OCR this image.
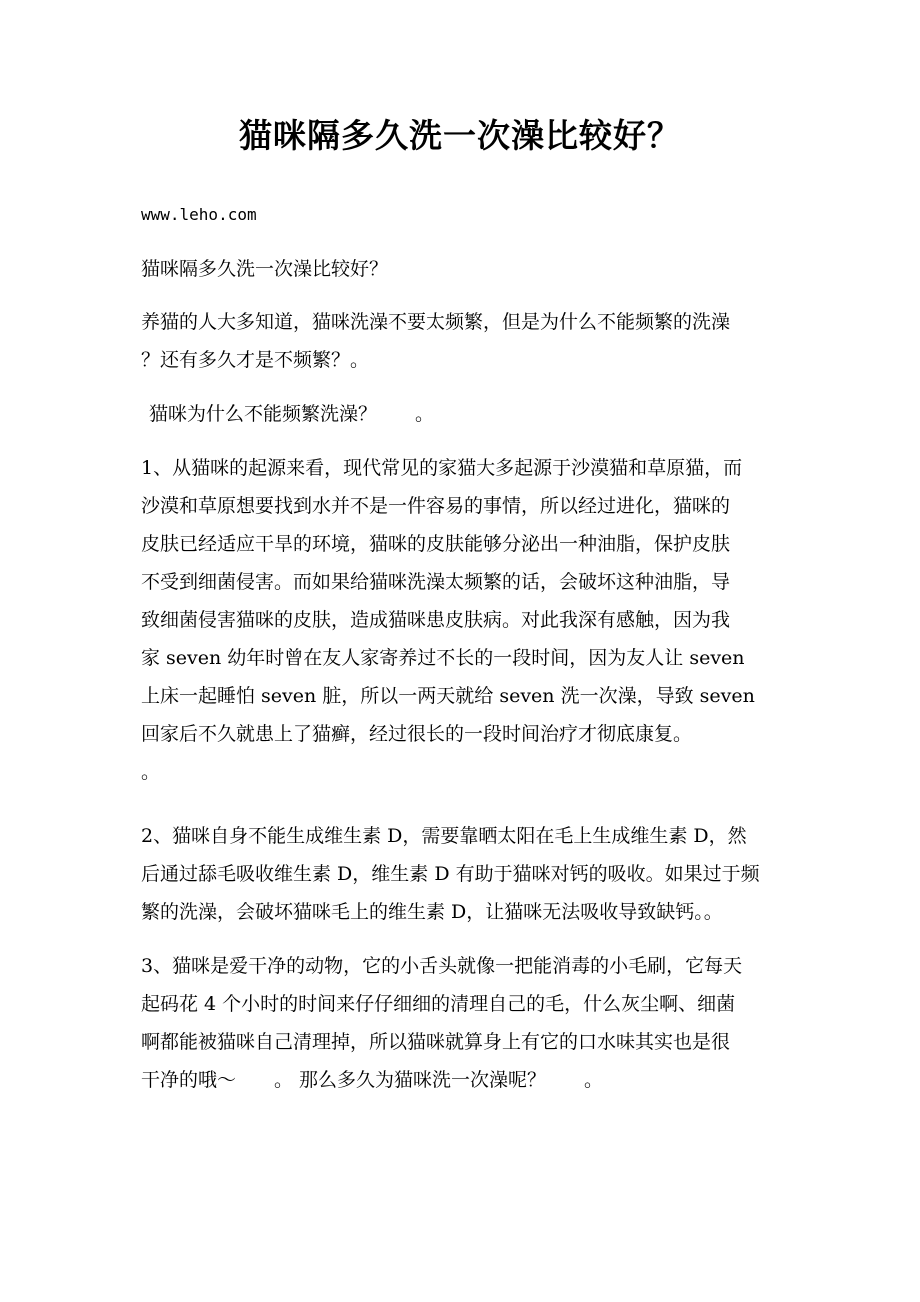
猫咪隔多久洗一次澡比较好？

www.leho.com

猫咪隔多久洗一次澡比较好？

养猫的人大多知道，猫咪洗澡不要太频繁，但是为什么不能频繁的洗澡
？还有多久才是不频繁？。

猫咪为什么不能频繁洗澡？　　。

1、从猫咪的起源来看，现代常见的家猫大多起源于沙漠猫和草原猫，而
沙漠和草原想要找到水并不是一件容易的事情，所以经过进化，猫咪的
皮肤已经适应干旱的环境，猫咪的皮肤能够分泌出一种油脂，保护皮肤
不受到细菌侵害。而如果给猫咪洗澡太频繁的话，会破坏这种油脂，导
致细菌侵害猫咪的皮肤，造成猫咪患皮肤病。对此我深有感触，因为我
家 seven 幼年时曾在友人家寄养过不长的一段时间，因为友人让 seven
上床一起睡怕 seven 脏，所以一两天就给 seven 洗一次澡，导致 seven
回家后不久就患上了猫癣，经过很长的一段时间治疗才彻底康复。
。

2、猫咪自身不能生成维生素 D，需要靠晒太阳在毛上生成维生素 D，然
后通过舔毛吸收维生素 D，维生素 D 有助于猫咪对钙的吸收。如果过于频
繁的洗澡，会破坏猫咪毛上的维生素 D，让猫咪无法吸收导致缺钙。。

3、猫咪是爱干净的动物，它的小舌头就像一把能消毒的小毛刷，它每天
起码花 4 个小时的时间来仔仔细细的清理自己的毛，什么灰尘啊、细菌
啊都能被猫咪自己清理掉，所以猫咪就算身上有它的口水味其实也是很
干净的哦～　　。 那么多久为猫咪洗一次澡呢？　　。
